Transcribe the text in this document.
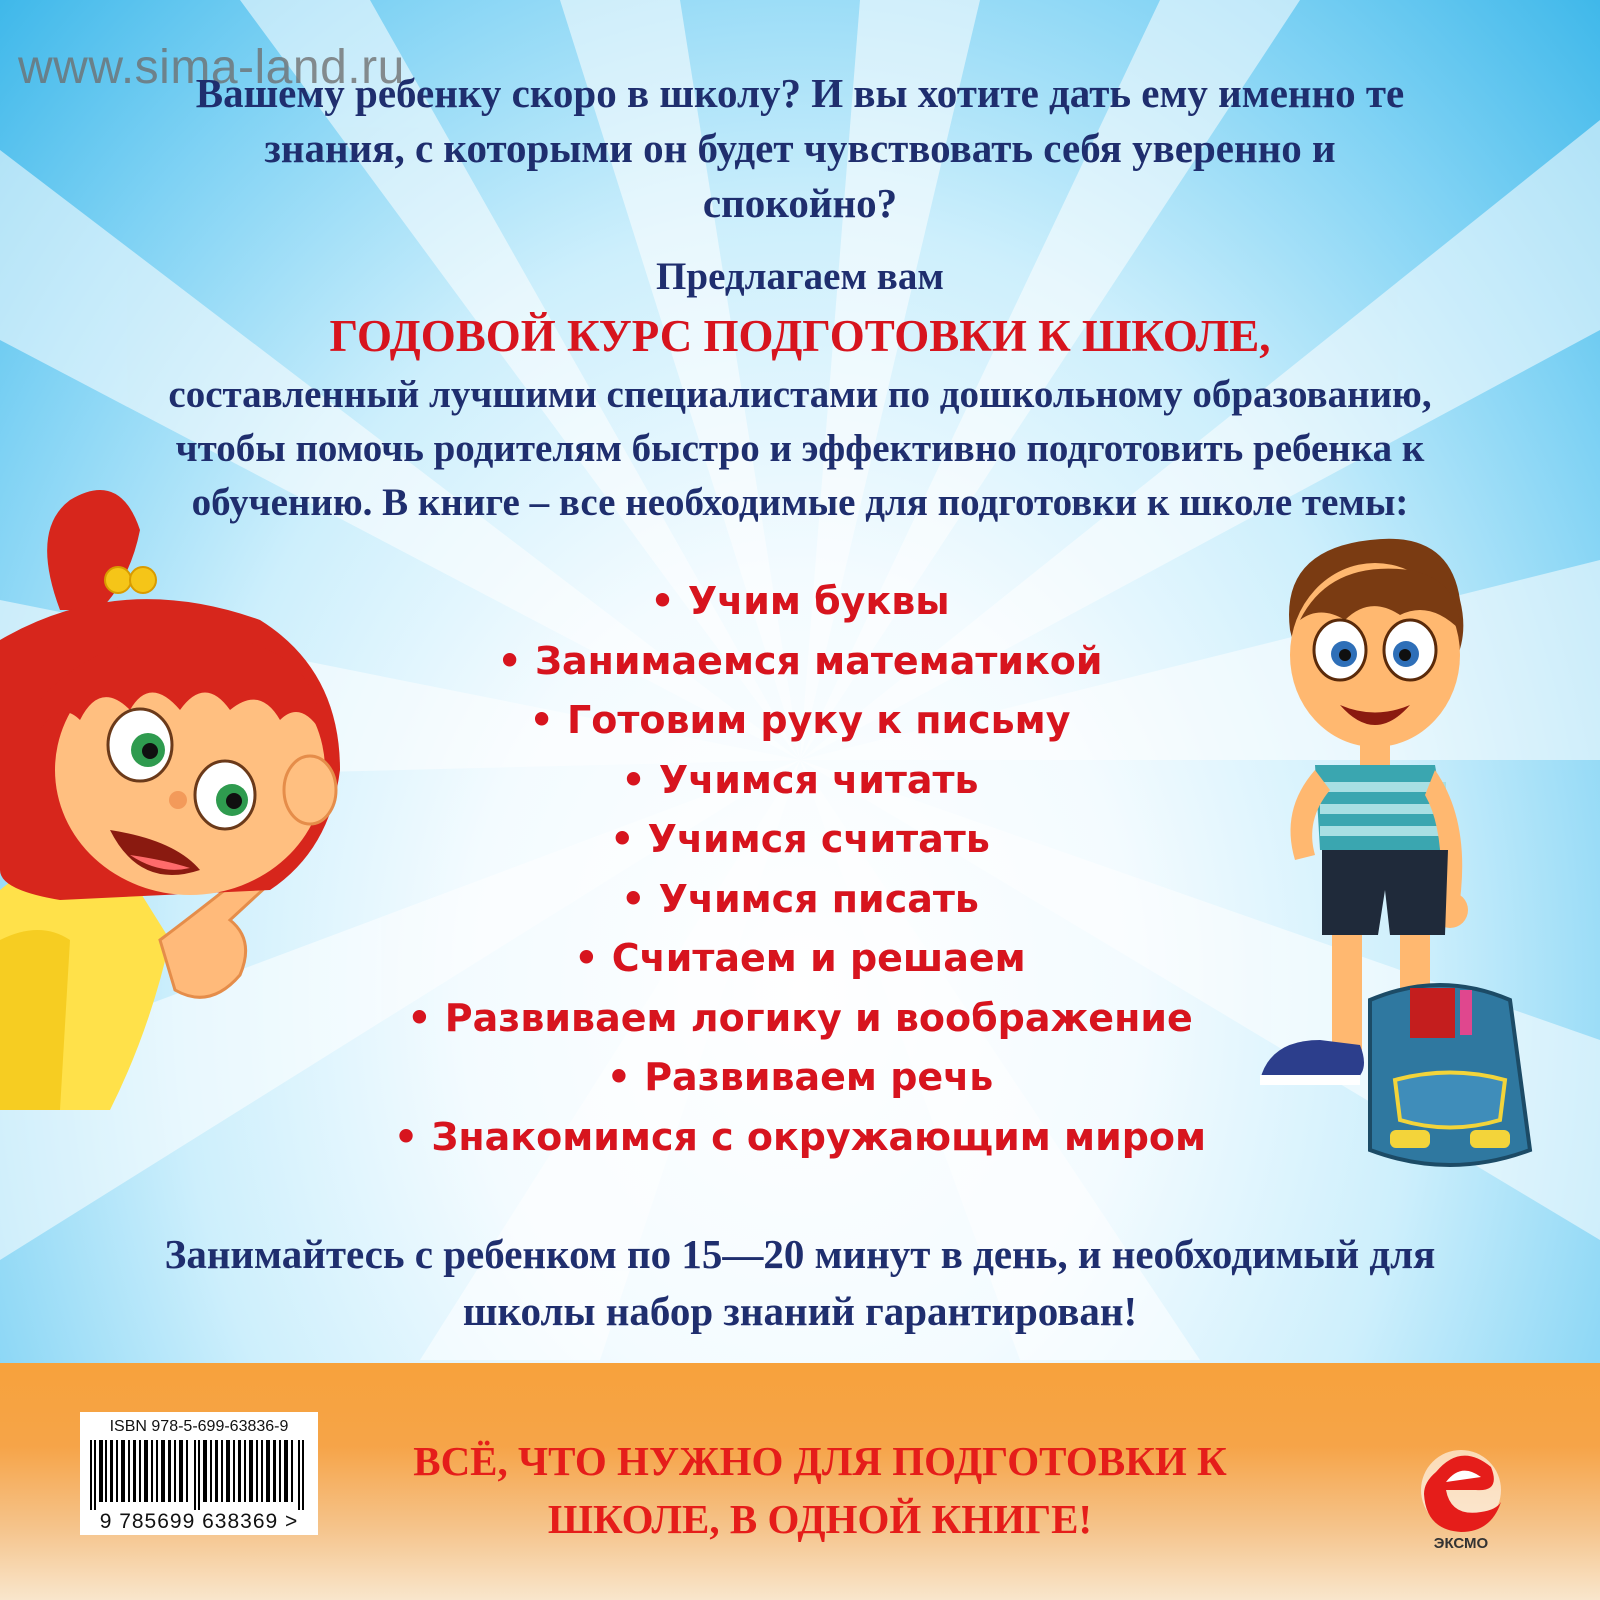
www.sima-land.ru
Вашему ребенку скоро в школу? И вы хотите дать ему именно те знания, с которыми он будет чувствовать себя уверенно и спокойно?
Предлагаем вам
ГОДОВОЙ КУРС ПОДГОТОВКИ К ШКОЛЕ,
составленный лучшими специалистами по дошкольному образованию, чтобы помочь родителям быстро и эффективно подготовить ребенка к обучению. В книге – все необходимые для подготовки к школе темы:
• Учим буквы
• Занимаемся математикой
• Готовим руку к письму
• Учимся читать
• Учимся считать
• Учимся писать
• Считаем и решаем
• Развиваем логику и воображение
• Развиваем речь
• Знакомимся с окружающим миром
Занимайтесь с ребенком по 15—20 минут в день, и необходимый для школы набор знаний гарантирован!
ISBN 978-5-699-63836-9
9 785699 638369 >
ВСЁ, ЧТО НУЖНО ДЛЯ ПОДГОТОВКИ К ШКОЛЕ, В ОДНОЙ КНИГЕ!
ЭКСМО
